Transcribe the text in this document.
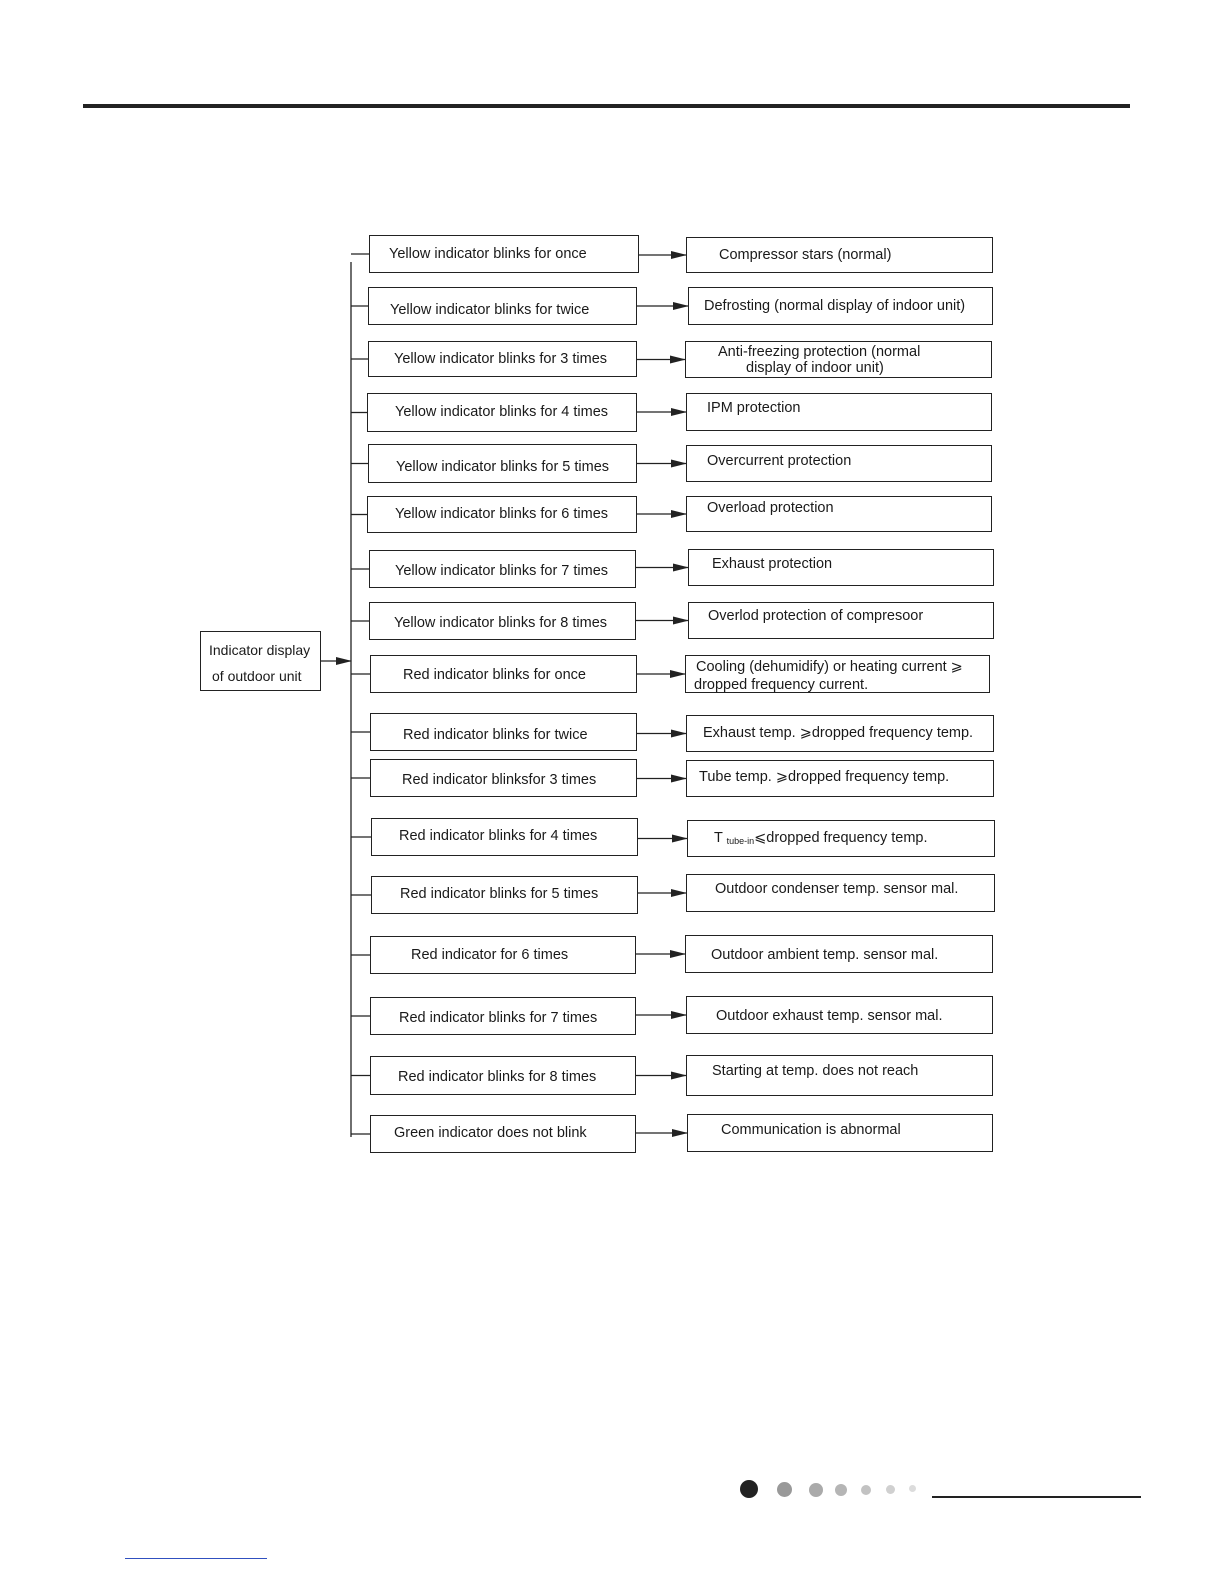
Indicator display
of outdoor unit
Yellow indicator blinks for once	Compressor stars (normal)
Yellow indicator blinks for twice	Defrosting (normal display of indoor unit)
Yellow indicator blinks for 3 times	Anti-freezing protection (normal
display of indoor unit)
Yellow indicator blinks for 4 times	IPM protection
Yellow indicator blinks for 5 times	Overcurrent protection
Yellow indicator blinks for 6 times	Overload protection
Yellow indicator blinks for 7 times	Exhaust protection
Yellow indicator blinks for 8 times	Overlod protection of compresoor
Red indicator blinks for once	Cooling (dehumidify) or heating current ⩾
dropped frequency current.
Red indicator blinks for twice	Exhaust temp. ⩾dropped frequency temp.
Red indicator blinksfor 3 times	Tube temp. ⩾dropped frequency temp.
Red indicator blinks for 4 times	T $_{tube-in}$⩽dropped frequency temp.
Red indicator blinks for 5 times	Outdoor condenser temp. sensor mal.
Red indicator for 6 times	Outdoor ambient temp. sensor mal.
Red indicator blinks for 7 times	Outdoor exhaust temp. sensor mal.
Red indicator blinks for 8 times	Starting at temp. does not reach
Green indicator does not blink	Communication is abnormal
